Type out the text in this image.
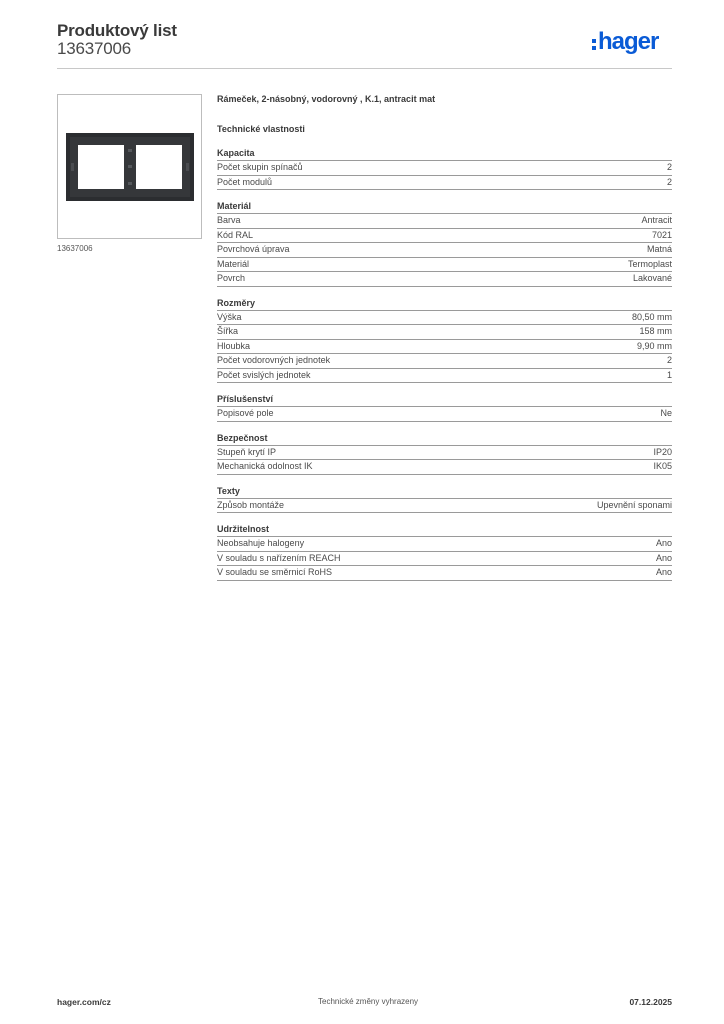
Produktový list
13637006	hager
13637006
Rámeček, 2-násobný, vodorovný , K.1, antracit mat
Technické vlastnosti
Kapacita
Počet skupin spínačů	2
Počet modulů	2
Materiál
Barva	Antracit
Kód RAL	7021
Povrchová úprava	Matná
Materiál	Termoplast
Povrch	Lakované
Rozměry
Výška	80,50 mm
Šířka	158 mm
Hloubka	9,90 mm
Počet vodorovných jednotek	2
Počet svislých jednotek	1
Příslušenství
Popisové pole	Ne
Bezpečnost
Stupeň krytí IP	IP20
Mechanická odolnost IK	IK05
Texty
Způsob montáže	Upevnění sponami
Udržitelnost
Neobsahuje halogeny	Ano
V souladu s nařízením REACH	Ano
V souladu se směrnicí RoHS	Ano
hager.com/cz	Technické změny vyhrazeny	07.12.2025
